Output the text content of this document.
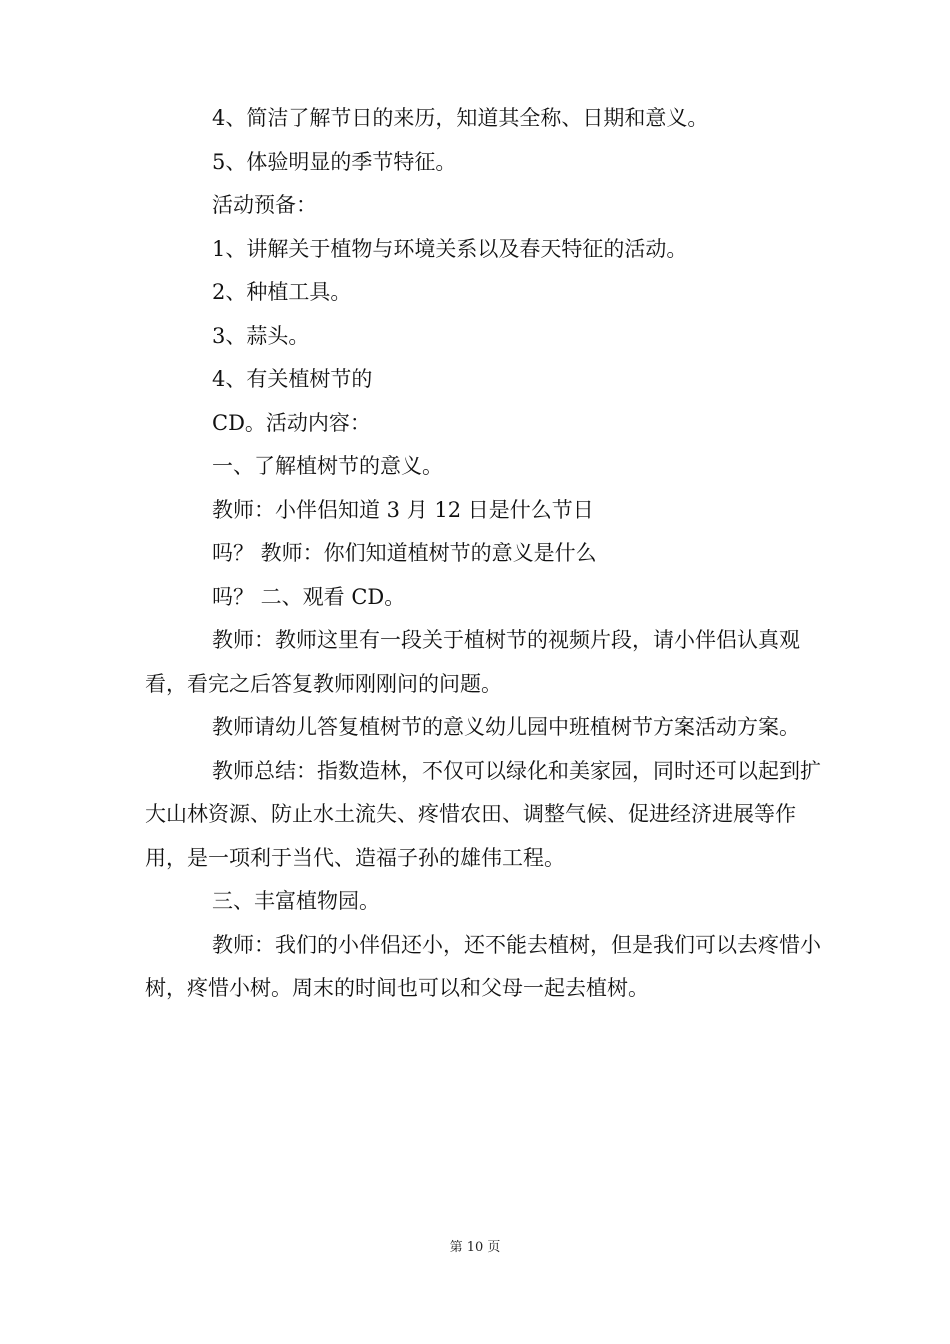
4、简洁了解节日的来历，知道其全称、日期和意义。

5、体验明显的季节特征。

活动预备：

1、讲解关于植物与环境关系以及春天特征的活动。

2、种植工具。

3、蒜头。

4、有关植树节的

CD。活动内容：

一、了解植树节的意义。

教师：小伴侣知道 3 月 12 日是什么节日

吗？ 教师：你们知道植树节的意义是什么

吗？ 二、观看 CD。

教师：教师这里有一段关于植树节的视频片段，请小伴侣认真观看，看完之后答复教师刚刚问的问题。

教师请幼儿答复植树节的意义幼儿园中班植树节方案活动方案。

教师总结：指数造林，不仅可以绿化和美家园，同时还可以起到扩大山林资源、防止水土流失、疼惜农田、调整气候、促进经济进展等作用，是一项利于当代、造福子孙的雄伟工程。

三、丰富植物园。

教师：我们的小伴侣还小，还不能去植树，但是我们可以去疼惜小树，疼惜小树。周末的时间也可以和父母一起去植树。

第 10 页
